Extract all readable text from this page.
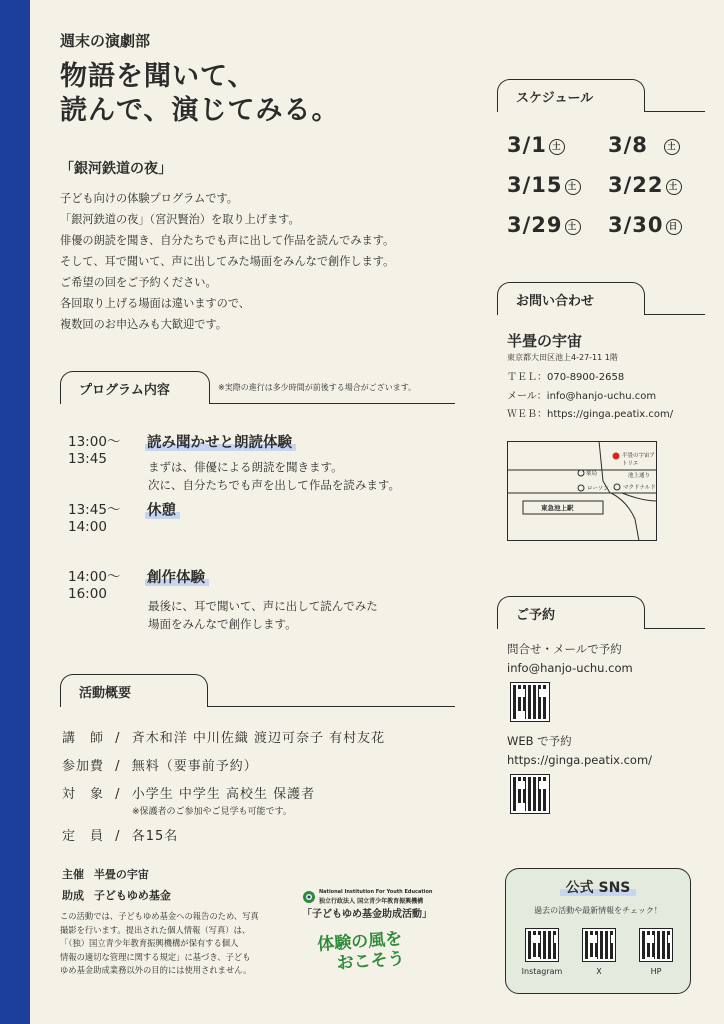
週末の演劇部
物語を聞いて、
読んで、演じてみる。
「銀河鉄道の夜」
子ども向けの体験プログラムです。
「銀河鉄道の夜」（宮沢賢治）を取り上げます。
俳優の朗読を聞き、自分たちでも声に出して作品を読んでみます。
そして、耳で聞いて、声に出してみた場面をみんなで創作します。
ご希望の回をご予約ください。
各回取り上げる場面は違いますので、
複数回のお申込みも大歓迎です。
プログラム内容	※実際の進行は多少時間が前後する場合がございます。
13:00～
13:45
読み聞かせと朗読体験
まずは、俳優による朗読を聞きます。
次に、自分たちでも声を出して作品を読みます。
13:45～
14:00
休憩
14:00～
16:00
創作体験
最後に、耳で聞いて、声に出して読んでみた
場面をみんなで創作します。
活動概要
講　師 / 斉木和洋 中川佐織 渡辺可奈子 有村友花
参加費 / 無料（要事前予約）
対　象 / 小学生 中学生 高校生 保護者
※保護者のご参加やご見学も可能です。
定　員 / 各15名
主催 半畳の宇宙
助成 子どもゆめ基金
この活動では、子どもゆめ基金への報告のため、写真
撮影を行います。提出された個人情報（写真）は、
「（独）国立青少年教育振興機構が保有する個人
情報の適切な管理に関する規定」に基づき、子ども
ゆめ基金助成業務以外の目的には使用されません。
National Institution For Youth Education
独立行政法人 国立青少年教育振興機構
「子どもゆめ基金助成活動」
体験の風を
おこそう
スケジュール
3/1 土 3/8 土
3/15 土 3/22 土
3/29 土 3/30 日
お問い合わせ
半畳の宇宙
東京都大田区池上4-27-11 1階
ＴＥＬ：070-8900-2658
メール：info@hanjo-uchu.com
ＷＥＢ：https://ginga.peatix.com/
半畳の宇宙アトリエ
薬局	池上通り
ローソン	マクドナルド
東急池上駅
ご予約
問合せ・メールで予約
info@hanjo-uchu.com
WEB で予約
https://ginga.peatix.com/
公式 SNS
過去の活動や最新情報をチェック！
Instagram	X	HP
